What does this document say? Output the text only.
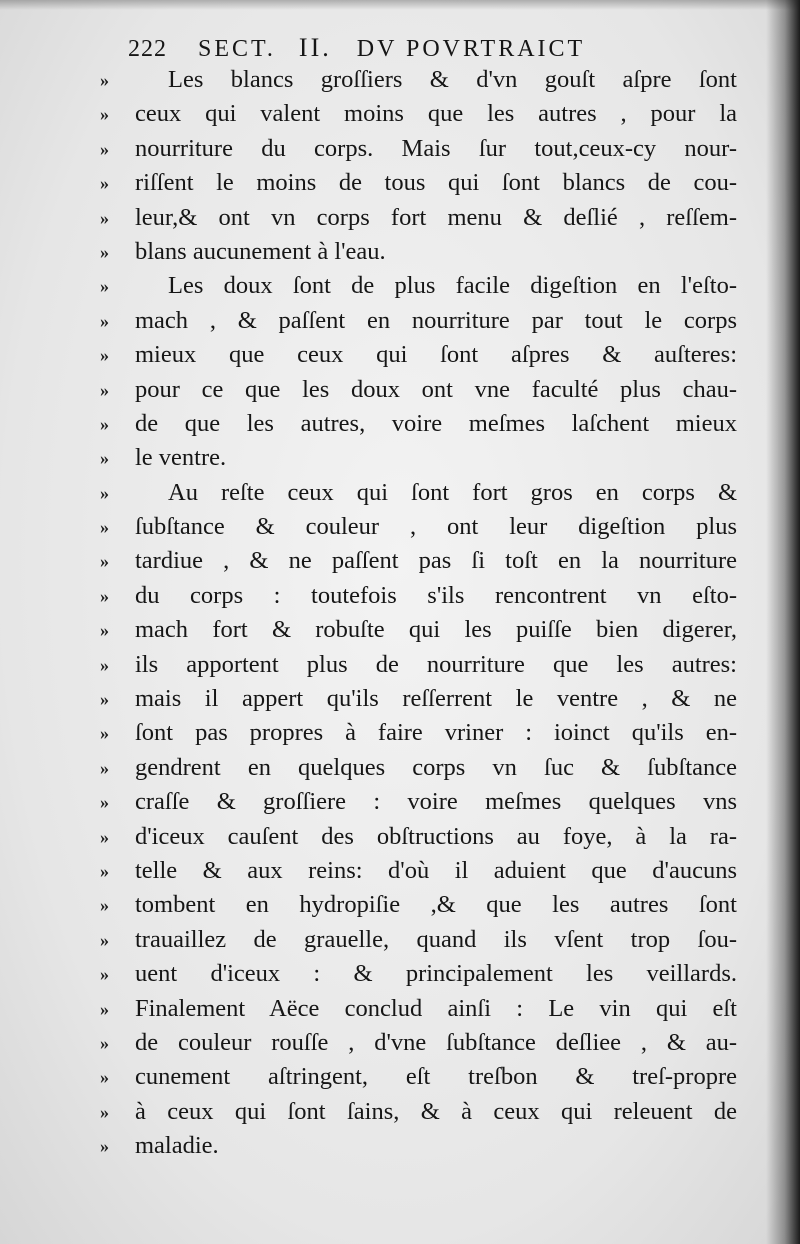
222 SECT. II. DV POVRTRAICT
»	Les blancs groſſiers & d'vn gouſt aſpre ſont
»	ceux qui valent moins que les autres , pour la
»	nourriture du corps. Mais ſur tout,ceux-cy nour-
»	riſſent le moins de tous qui ſont blancs de cou-
»	leur,& ont vn corps fort menu & deſlié , reſſem-
»	blans aucunement à l'eau.
»	Les doux ſont de plus facile digeſtion en l'eſto-
»	mach , & paſſent en nourriture par tout le corps
»	mieux que ceux qui ſont aſpres & auſteres:
»	pour ce que les doux ont vne faculté plus chau-
»	de que les autres, voire meſmes laſchent mieux
»	le ventre.
»	Au reſte ceux qui ſont fort gros en corps &
»	ſubſtance & couleur , ont leur digeſtion plus
»	tardiue , & ne paſſent pas ſi toſt en la nourriture
»	du corps : toutefois s'ils rencontrent vn eſto-
»	mach fort & robuſte qui les puiſſe bien digerer,
»	ils apportent plus de nourriture que les autres:
»	mais il appert qu'ils reſſerrent le ventre , & ne
»	ſont pas propres à faire vriner : ioinct qu'ils en-
»	gendrent en quelques corps vn ſuc & ſubſtance
»	craſſe & groſſiere : voire meſmes quelques vns
»	d'iceux cauſent des obſtructions au foye, à la ra-
»	telle & aux reins: d'où il aduient que d'aucuns
»	tombent en hydropiſie ,& que les autres ſont
»	trauaillez de grauelle, quand ils vſent trop ſou-
»	uent d'iceux : & principalement les veillards.
»	Finalement Aëce conclud ainſi : Le vin qui eſt
»	de couleur rouſſe , d'vne ſubſtance deſliee , & au-
»	cunement aſtringent, eſt treſbon & treſ-propre
»	à ceux qui ſont ſains, & à ceux qui releuent de
»	maladie.
